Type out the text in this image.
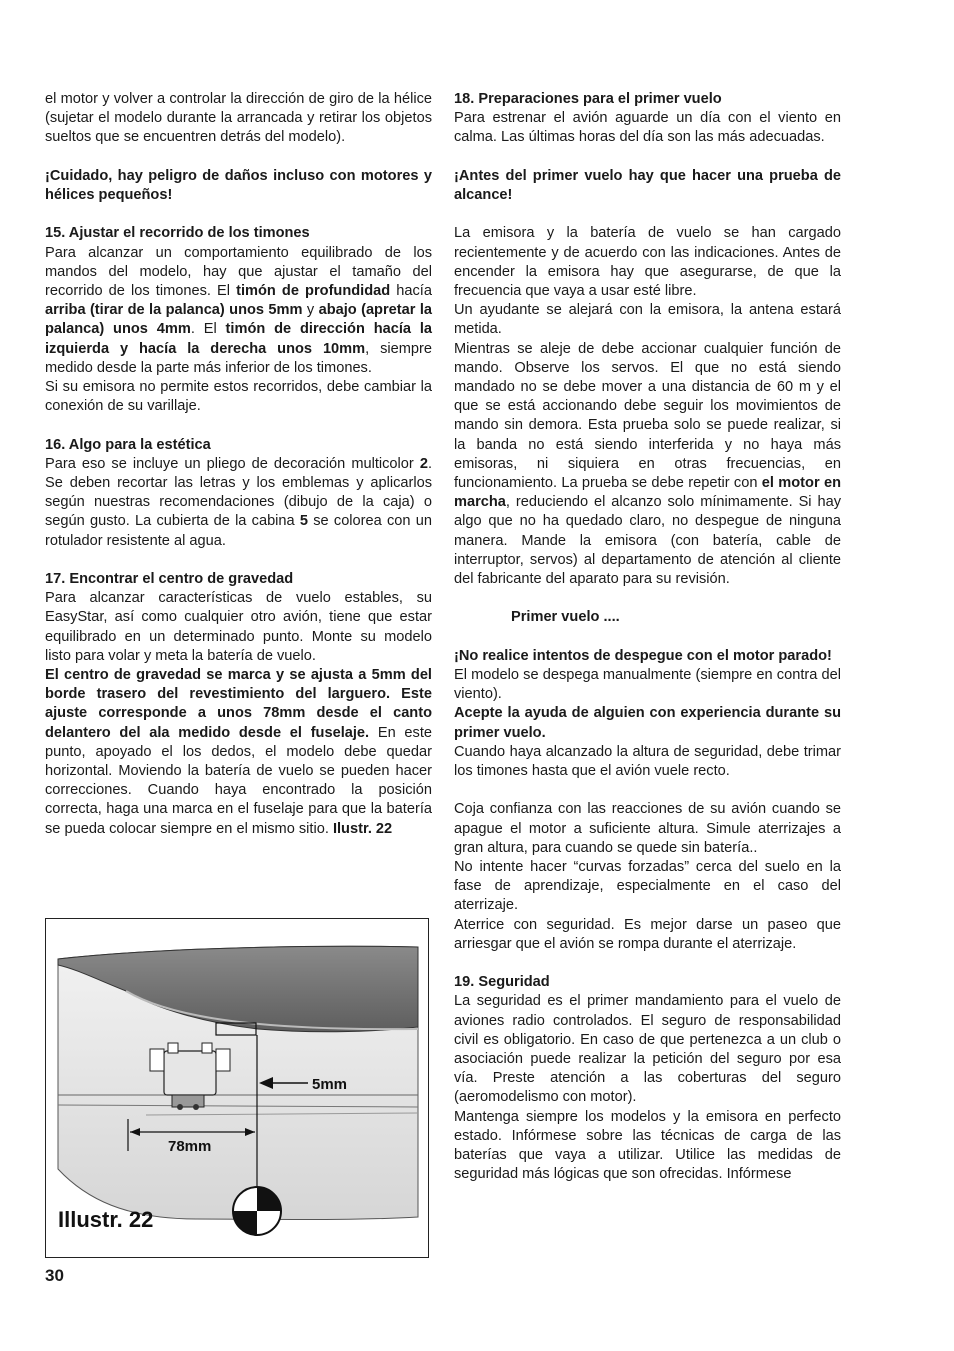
el motor y volver a controlar la dirección de giro de la hélice (sujetar el modelo durante la arrancada y retirar los objetos sueltos que se encuentren detrás del modelo).

¡Cuidado, hay peligro de daños incluso con motores y hélices pequeños!

15. Ajustar el recorrido de los timones

Para alcanzar un comportamiento equilibrado de los mandos del modelo, hay que ajustar el tamaño del recorrido de los timones. El timón de profundidad hacía arriba (tirar de la palanca) unos 5mm y abajo (apretar la palanca) unos 4mm. El timón de dirección hacía la izquierda y hacía la derecha unos 10mm, siempre medido desde la parte más inferior de los timones.

Si su emisora no permite estos recorridos, debe cambiar la conexión de su varillaje.

16. Algo para la estética

Para eso se incluye un pliego de decoración multicolor 2. Se deben recortar las letras y los emblemas y aplicarlos según nuestras recomendaciones (dibujo de la caja) o según gusto. La cubierta de la cabina 5 se colorea con un rotulador resistente al agua.

17. Encontrar el centro de gravedad

Para alcanzar características de vuelo estables, su EasyStar, así como cualquier otro avión, tiene que estar equilibrado en un determinado punto. Monte su modelo listo para volar y meta la batería de vuelo.

El centro de gravedad se marca y se ajusta a 5mm del borde trasero del revestimiento del larguero. Este ajuste corresponde a unos 78mm desde el canto delantero del ala medido desde el fuselaje. En este punto, apoyado el los dedos, el modelo debe quedar horizontal. Moviendo la batería de vuelo se pueden hacer correcciones. Cuando haya encontrado la posición correcta, haga una marca en el fuselaje para que la batería se pueda colocar siempre en el mismo sitio. Ilustr. 22

5mm
78mm
Illustr. 22

18. Preparaciones para el primer vuelo

Para estrenar el avión aguarde un día con el viento en calma. Las últimas horas del día son las más adecuadas.

¡Antes del primer vuelo hay que hacer una prueba de alcance!

La emisora y la batería de vuelo se han cargado recientemente y de acuerdo con las indicaciones. Antes de encender la emisora hay que asegurarse, de que la frecuencia que vaya a usar esté libre.

Un ayudante se alejará con la emisora, la antena estará metida.

Mientras se aleje de debe accionar cualquier función de mando. Observe los servos. El que no está siendo mandado no se debe mover a una distancia de 60 m y el que se está accionando debe seguir los movimientos de mando sin demora. Esta prueba solo se puede realizar, si la banda no está siendo interferida y no haya más emisoras, ni siquiera en otras frecuencias, en funcionamiento. La prueba se debe repetir con el motor en marcha, reduciendo el alcanzo solo mínimamente. Si hay algo que no ha quedado claro, no despegue de ninguna manera. Mande la emisora (con batería, cable de interruptor, servos) al departamento de atención al cliente del fabricante del aparato para su revisión.

Primer vuelo ....

¡No realice intentos de despegue con el motor parado!

El modelo se despega manualmente (siempre en contra del viento).

Acepte la ayuda de alguien con experiencia durante su primer vuelo.

Cuando haya alcanzado la altura de seguridad, debe trimar los timones hasta que el avión vuele recto.

Coja confianza con las reacciones de su avión cuando se apague el motor a suficiente altura. Simule aterrizajes a gran altura, para cuando se quede sin batería..

No intente hacer “curvas forzadas” cerca del suelo en la fase de aprendizaje, especialmente en el caso del aterrizaje.

Aterrice con seguridad. Es mejor darse un paseo que arriesgar que el avión se rompa durante el aterrizaje.

19. Seguridad

La seguridad es el primer mandamiento para el vuelo de aviones radio controlados. El seguro de responsabilidad civil es obligatorio. En caso de que pertenezca a un club o asociación puede realizar la petición del seguro por esa vía. Preste atención a las coberturas del seguro (aeromodelismo con motor).

Mantenga siempre los modelos y la emisora en perfecto estado. Infórmese sobre las técnicas de carga de las baterías que vaya a utilizar. Utilice las medidas de seguridad más lógicas que son ofrecidas. Infórmese

30
